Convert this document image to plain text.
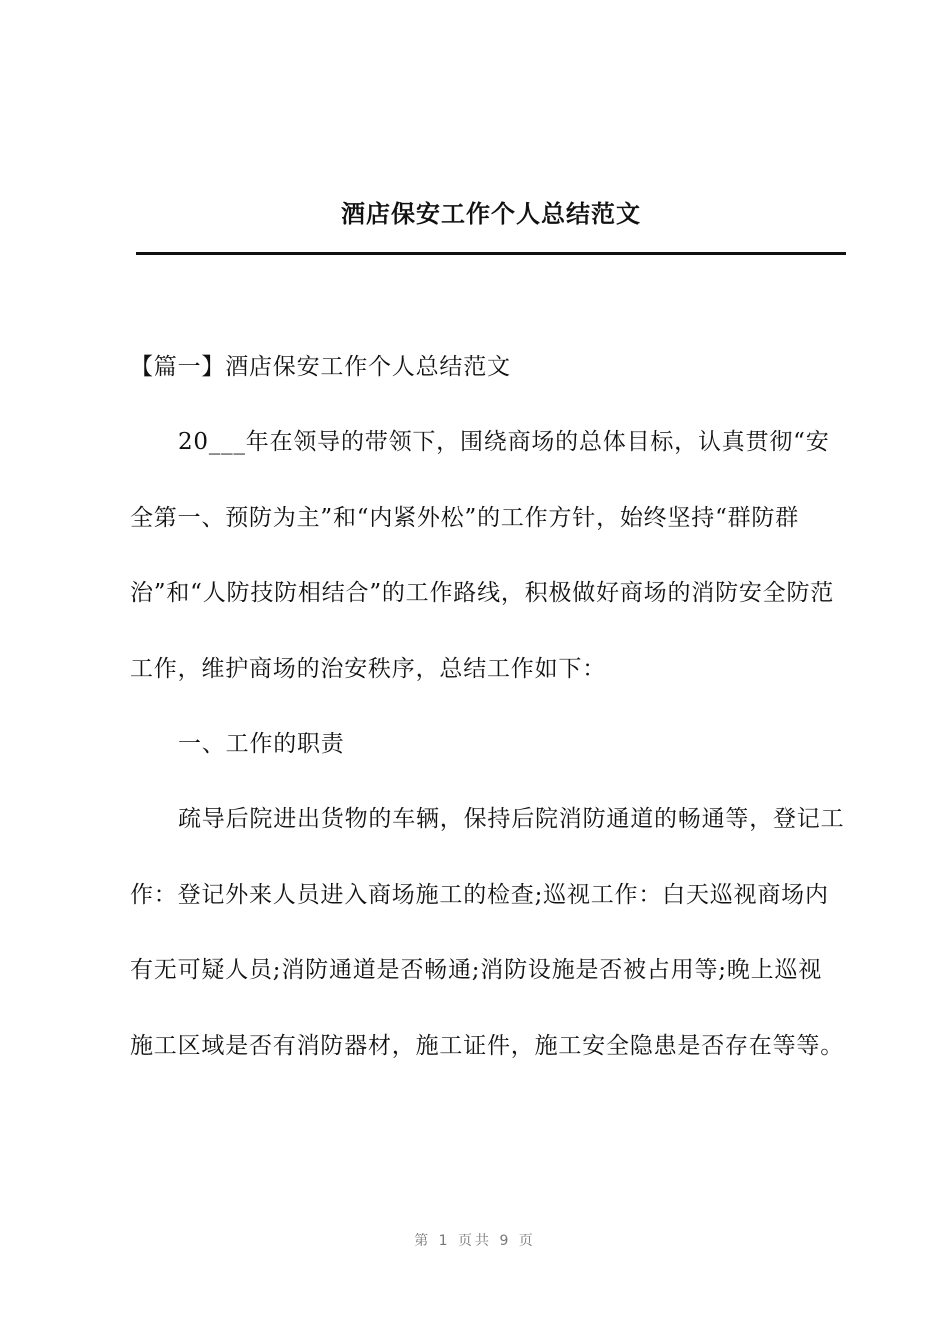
酒店保安工作个人总结范文

【篇一】酒店保安工作个人总结范文

20___年在领导的带领下，围绕商场的总体目标，认真贯彻“安全第一、预防为主”和“内紧外松”的工作方针，始终坚持“群防群治”和“人防技防相结合”的工作路线，积极做好商场的消防安全防范工作，维护商场的治安秩序，总结工作如下：

一、工作的职责

疏导后院进出货物的车辆，保持后院消防通道的畅通等，登记工作：登记外来人员进入商场施工的检查;巡视工作：白天巡视商场内有无可疑人员;消防通道是否畅通;消防设施是否被占用等;晚上巡视施工区域是否有消防器材，施工证件，施工安全隐患是否存在等等。

第 1 页共 9 页
